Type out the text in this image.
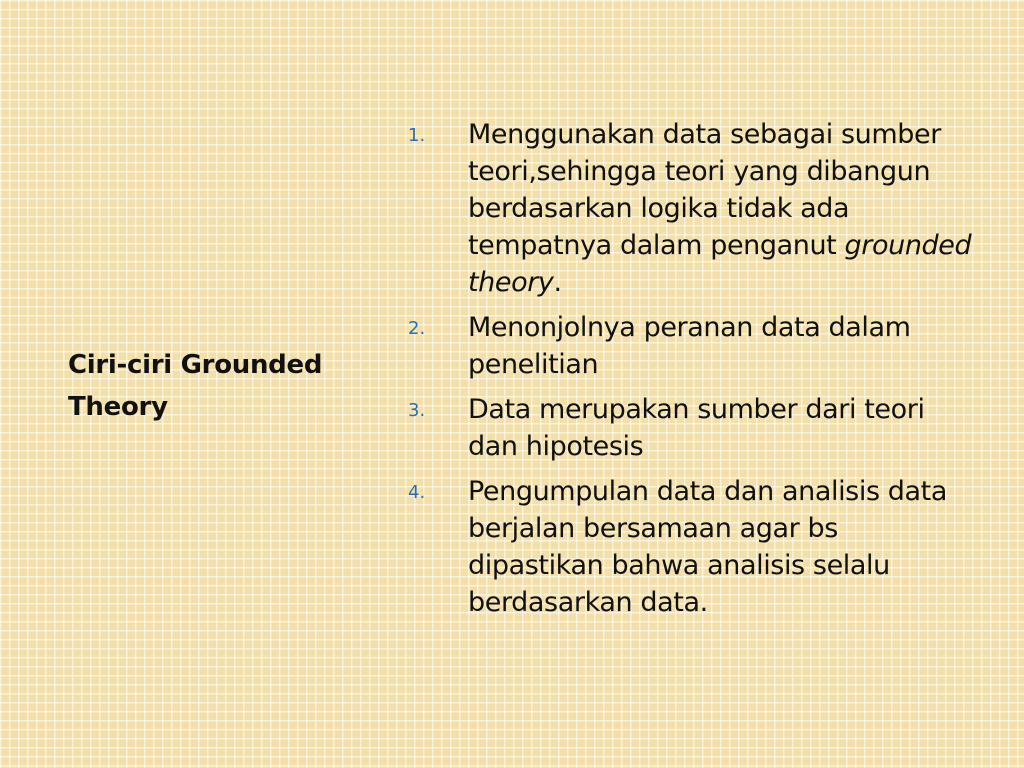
Ciri-ciri Grounded Theory
1.	Menggunakan data sebagai sumber teori,sehingga teori yang dibangun berdasarkan logika tidak ada tempatnya dalam penganut grounded theory.
2.	Menonjolnya peranan data dalam penelitian
3.	Data merupakan sumber dari teori dan hipotesis
4.	Pengumpulan data dan analisis data berjalan bersamaan agar bs dipastikan bahwa analisis selalu berdasarkan data.
